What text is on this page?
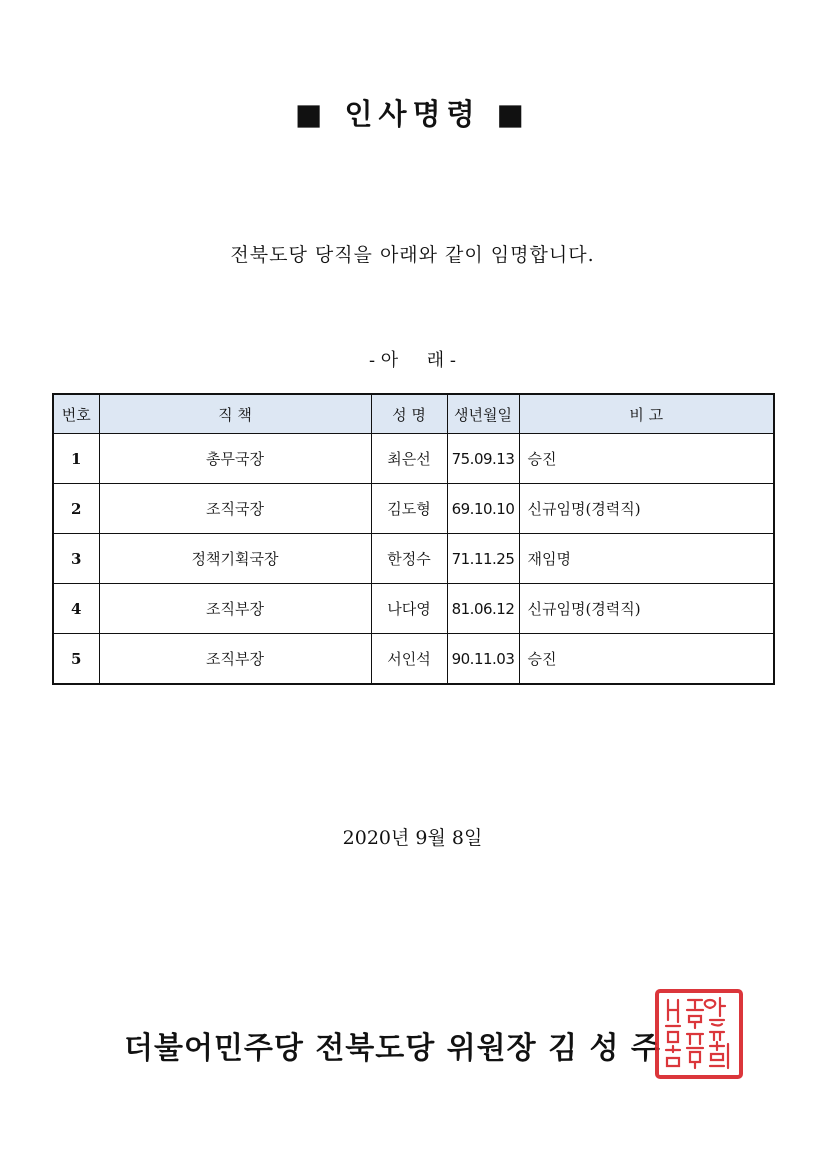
■ 인사명령 ■
전북도당 당직을 아래와 같이 임명합니다.
- 아     래 -
번호	직 책	성 명	생년월일	비 고
1	총무국장	최은선	75.09.13	승진
2	조직국장	김도형	69.10.10	신규임명(경력직)
3	정책기획국장	한정수	71.11.25	재임명
4	조직부장	나다영	81.06.12	신규임명(경력직)
5	조직부장	서인석	90.11.03	승진
2020년 9월 8일
더불어민주당 전북도당 위원장 김 성 주
